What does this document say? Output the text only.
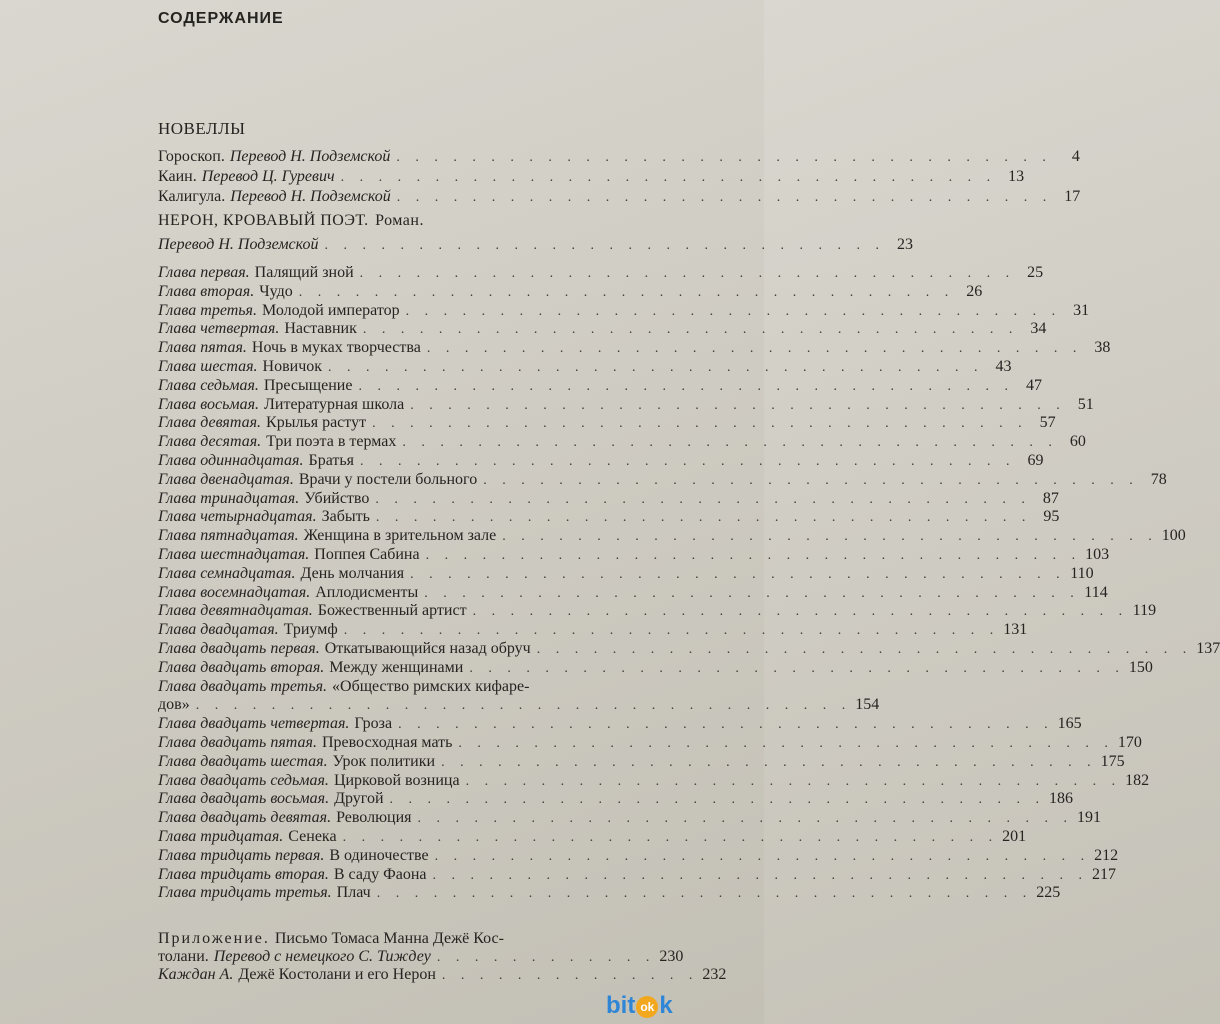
СОДЕРЖАНИЕ
НОВЕЛЛЫ
Гороскоп. Перевод Н. Подземской . . . . . . . . . . . . . . . . . . . . . . . . . . . . . . . . . . .	4
Каин. Перевод Ц. Гуревич . . . . . . . . . . . . . . . . . . . . . . . . . . . . . . . . . . . 13
Калигула. Перевод Н. Подземской . . . . . . . . . . . . . . . . . . . . . . . . . . . . . . . . . . . 17
НЕРОН, КРОВАВЫЙ ПОЭТ. Роман.
Перевод Н. Подземской . . . . . . . . . . . . . . . . . . . . . . . . . . . . . . 23
Глава первая. Палящий зной . . . . . . . . . . . . . . . . . . . . . . . . . . . . . . . . . . . 25
Глава вторая. Чудо . . . . . . . . . . . . . . . . . . . . . . . . . . . . . . . . . . . 26
Глава третья. Молодой император . . . . . . . . . . . . . . . . . . . . . . . . . . . . . . . . . . . 31
Глава четвертая. Наставник . . . . . . . . . . . . . . . . . . . . . . . . . . . . . . . . . . . 34
Глава пятая. Ночь в муках творчества . . . . . . . . . . . . . . . . . . . . . . . . . . . . . . . . . . . 38
Глава шестая. Новичок . . . . . . . . . . . . . . . . . . . . . . . . . . . . . . . . . . . 43
Глава седьмая. Пресыщение . . . . . . . . . . . . . . . . . . . . . . . . . . . . . . . . . . . 47
Глава восьмая. Литературная школа . . . . . . . . . . . . . . . . . . . . . . . . . . . . . . . . . . . 51
Глава девятая. Крылья растут . . . . . . . . . . . . . . . . . . . . . . . . . . . . . . . . . . . 57
Глава десятая. Три поэта в термах . . . . . . . . . . . . . . . . . . . . . . . . . . . . . . . . . . . 60
Глава одиннадцатая. Братья . . . . . . . . . . . . . . . . . . . . . . . . . . . . . . . . . . . 69
Глава двенадцатая. Врачи у постели больного . . . . . . . . . . . . . . . . . . . . . . . . . . . . . . . . . . . 78
Глава тринадцатая. Убийство . . . . . . . . . . . . . . . . . . . . . . . . . . . . . . . . . . . 87
Глава четырнадцатая. Забыть . . . . . . . . . . . . . . . . . . . . . . . . . . . . . . . . . . . 95
Глава пятнадцатая. Женщина в зрительном зале . . . . . . . . . . . . . . . . . . . . . . . . . . . . . . . . . . . 100
Глава шестнадцатая. Поппея Сабина . . . . . . . . . . . . . . . . . . . . . . . . . . . . . . . . . . . 103
Глава семнадцатая. День молчания . . . . . . . . . . . . . . . . . . . . . . . . . . . . . . . . . . . 110
Глава восемнадцатая. Аплодисменты . . . . . . . . . . . . . . . . . . . . . . . . . . . . . . . . . . . 114
Глава девятнадцатая. Божественный артист . . . . . . . . . . . . . . . . . . . . . . . . . . . . . . . . . . . 119
Глава двадцатая. Триумф . . . . . . . . . . . . . . . . . . . . . . . . . . . . . . . . . . . 131
Глава двадцать первая. Откатывающийся назад обруч . . . . . . . . . . . . . . . . . . . . . . . . . . . . . . . . . . . 137
Глава двадцать вторая. Между женщинами . . . . . . . . . . . . . . . . . . . . . . . . . . . . . . . . . . . 150
Глава двадцать третья. «Общество римских кифаре-
дов» . . . . . . . . . . . . . . . . . . . . . . . . . . . . . . . . . . . 154
Глава двадцать четвертая. Гроза . . . . . . . . . . . . . . . . . . . . . . . . . . . . . . . . . . . 165
Глава двадцать пятая. Превосходная мать . . . . . . . . . . . . . . . . . . . . . . . . . . . . . . . . . . . 170
Глава двадцать шестая. Урок политики . . . . . . . . . . . . . . . . . . . . . . . . . . . . . . . . . . . 175
Глава двадцать седьмая. Цирковой возница . . . . . . . . . . . . . . . . . . . . . . . . . . . . . . . . . . . 182
Глава двадцать восьмая. Другой . . . . . . . . . . . . . . . . . . . . . . . . . . . . . . . . . . . 186
Глава двадцать девятая. Революция . . . . . . . . . . . . . . . . . . . . . . . . . . . . . . . . . . . 191
Глава тридцатая. Сенека . . . . . . . . . . . . . . . . . . . . . . . . . . . . . . . . . . . 201
Глава тридцать первая. В одиночестве . . . . . . . . . . . . . . . . . . . . . . . . . . . . . . . . . . . 212
Глава тридцать вторая. В саду Фаона . . . . . . . . . . . . . . . . . . . . . . . . . . . . . . . . . . . 217
Глава тридцать третья. Плач . . . . . . . . . . . . . . . . . . . . . . . . . . . . . . . . . . . 225
Приложение. Письмо Томаса Манна Дежё Кос-
толани. Перевод с немецкого С. Тиждеу . . . . . . . . . . . . 230
Каждан А. Дежё Костолани и его Нерон . . . . . . . . . . . . . . 232
bit ok k
